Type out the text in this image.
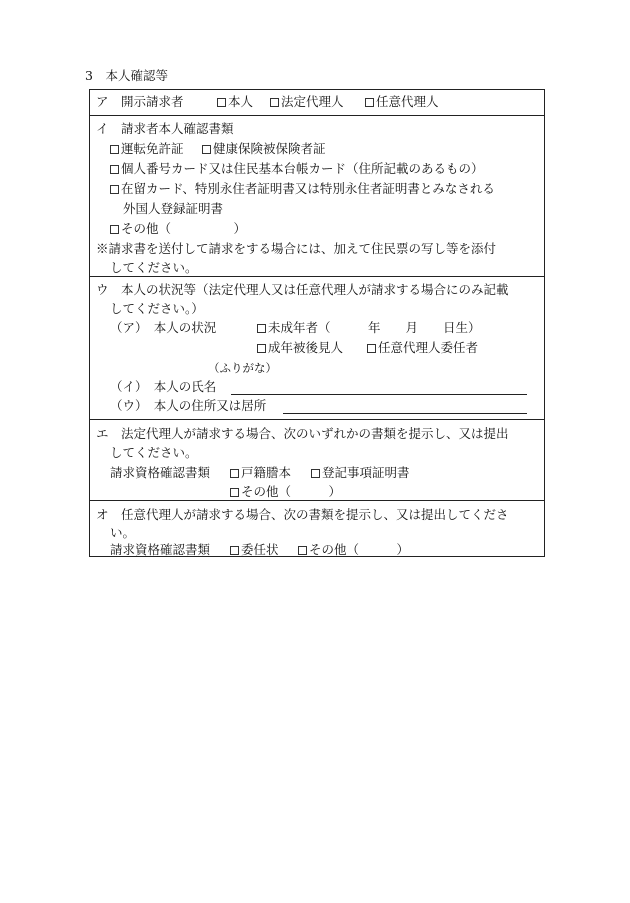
3　本人確認等
ア　開示請求者	本人	法定代理人	任意代理人
イ　請求者本人確認書類
運転免許証	健康保険被保険者証
個人番号カード又は住民基本台帳カード（住所記載のあるもの）
在留カード、特別永住者証明書又は特別永住者証明書とみなされる
外国人登録証明書
その他（　　　　　）
※請求書を送付して請求をする場合には、加えて住民票の写し等を添付
してください。
ウ　本人の状況等（法定代理人又は任意代理人が請求する場合にのみ記載
してください。）
（ア）　本人の状況	未成年者（　　　年　　月　　日生）
成年被後見人	任意代理人委任者
（ふりがな）
（イ）　本人の氏名
（ウ）　本人の住所又は居所
エ　法定代理人が請求する場合、次のいずれかの書類を提示し、又は提出
してください。
請求資格確認書類	戸籍謄本	登記事項証明書
その他（　　　）
オ　任意代理人が請求する場合、次の書類を提示し、又は提出してくださ
い。
請求資格確認書類	委任状	その他（　　　）
